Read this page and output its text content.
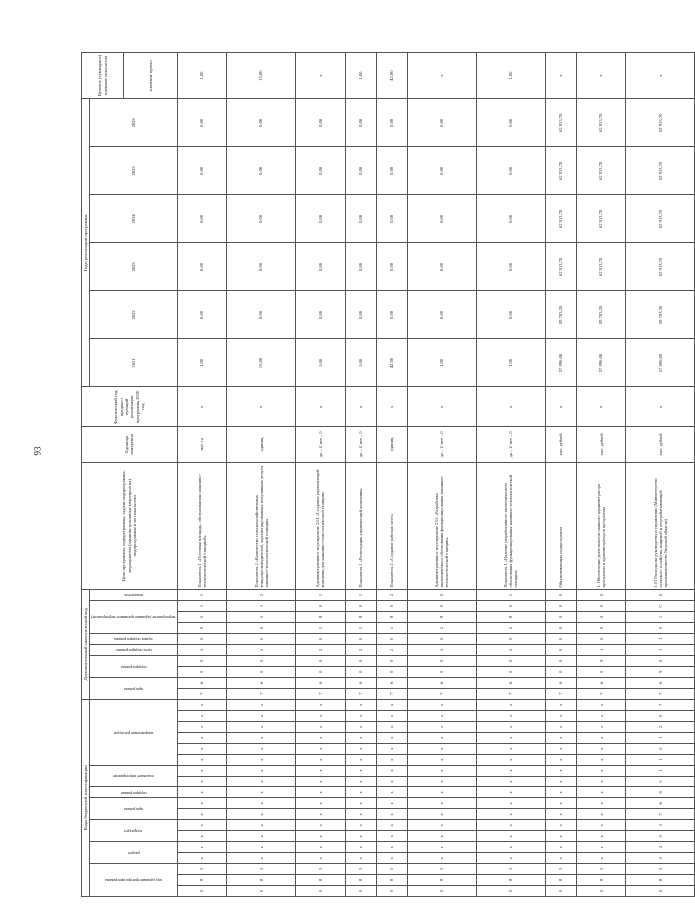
93
Коды бюджетной классификации																		Дополнительный аналитический код										Цель программы, подпрограммы, задачи подпрограммы, мероприятия (административные мероприятия) подпрограммы и их показатели	Единица измерения	Фактический год, предшест вующий реализации программы 2020 год	Годы реализации программы						Целевое (суммарное) значение показателя

код администратора программы			раздел		подраздел		программа		подпрограмма	основное мероприятие		направление расходов						программа		подпрограмма		цель подпрограммы	задача подпрограммы	мероприятие (административное мероприятие)			показатель				2021	2022	2023	2024	2025	2026	
																																					значение проект
0	8	3	x	x	x	x	x	x	x	x	x	x	x	x	x	x	x	7	6	0	0	2	0	0	5	1	1	Показатель 1 «Посевная площадь, обслуживаемая машинно-технологической станцией»	тыс. га	x	1,00	0,00	0,00	0,00	0,00	0,00	1,00
0	8	3	x	x	x	x	x	x	x	x	x	x	x	x	x	x	x	7	6	0	0	2	0	0	5	1	2	Показатель 2 «Количество сельскохозяйственных товаропроизводителей, зарегистрированных получивших услуги машинно-технологической станции»	единиц	x	15,00	0,00	0,00	0,00	0,00	0,00	15,00
0	8	3	x	x	x	x	x	x	x	x	x	x	x	x	x	x	x	7	6	0	0	2	0	1	8	0	1	Административное мероприятие 2.01 «Создание управляющей компании для машинно-технологической станции»	да – 1/ нет – 0	x	1,00	0,00	0,00	0,00	0,00	0,00	x
0	8	3	x	x	x	x	x	x	x	x	x	x	x	x	x	x	x	7	6	0	0	2	0	1	8	0	1	Показатель 1 «Регистрация управляющей компании»	да – 1/ нет – 0	x	1,00	0,00	0,00	0,00	0,00	0,00	1,00
0	8	3	x	x	x	x	x	x	x	x	x	x	x	x	x	x	x	7	6	0	0	2	0	1	8	0	2	Показатель 2 «Создание рабочих мест»	единиц	x	42,00	0,00	0,00	0,00	0,00	0,00	42,00
0	8	3	x	x	x	x	x	x	x	x	x	x	x	x	x	x	x	7	6	0	0	2	0	2	8	0	0	Административное мероприятие 2.02 «Разработка экономического обоснования функционирования машинно-технологической станции»	да – 1/ нет – 0	x	1,00	0,00	0,00	0,00	0,00	0,00	x
0	8	3	x	x	x	x	x	x	x	x	x	x	x	x	x	x	x	7	6	0	0	2	0	2	8	0	1	Показатель 1 «Наличие разработанного экономического обоснования функционирования машинно-технологической станции»	да – 1/ нет – 0	x	1,00	0,00	0,00	0,00	0,00	0,00	1,00
0	8	3	x	x	x	x	x	x	x	x	x	x	x	x	x	x	x	7	6	0	0	0	0	0	0	0	0	Обеспечивающая подпрограмма	тыс. рублей	x	57 096,00	59 703,20	62 913,70	62 913,70	62 913,70	62 913,70	x
0	8	3	x	x	x	x	x	x	x	x	x	x	x	x	x	x	x	7	6	0	9	1	0	0	0	0	0	1. Обеспечение деятельности главного администратора программы и администраторов программы	тыс. рублей	x	57 096,00	59 703,20	62 913,70	62 913,70	62 913,70	62 913,70	x
0	8	3	0	4	0	5	7	6	9	0	1	1	0	1	2	0	7	7	6	9	0	1	1	0	1	С	0	1.01 Расходы на руководство и управление (Министерство сельского хозяйства, пищевой и перерабатывающей промышленности Тверской области)	тыс. рублей	x	57 096,00	59 703,20	62 913,70	62 913,70	62 913,70	62 913,70	x
